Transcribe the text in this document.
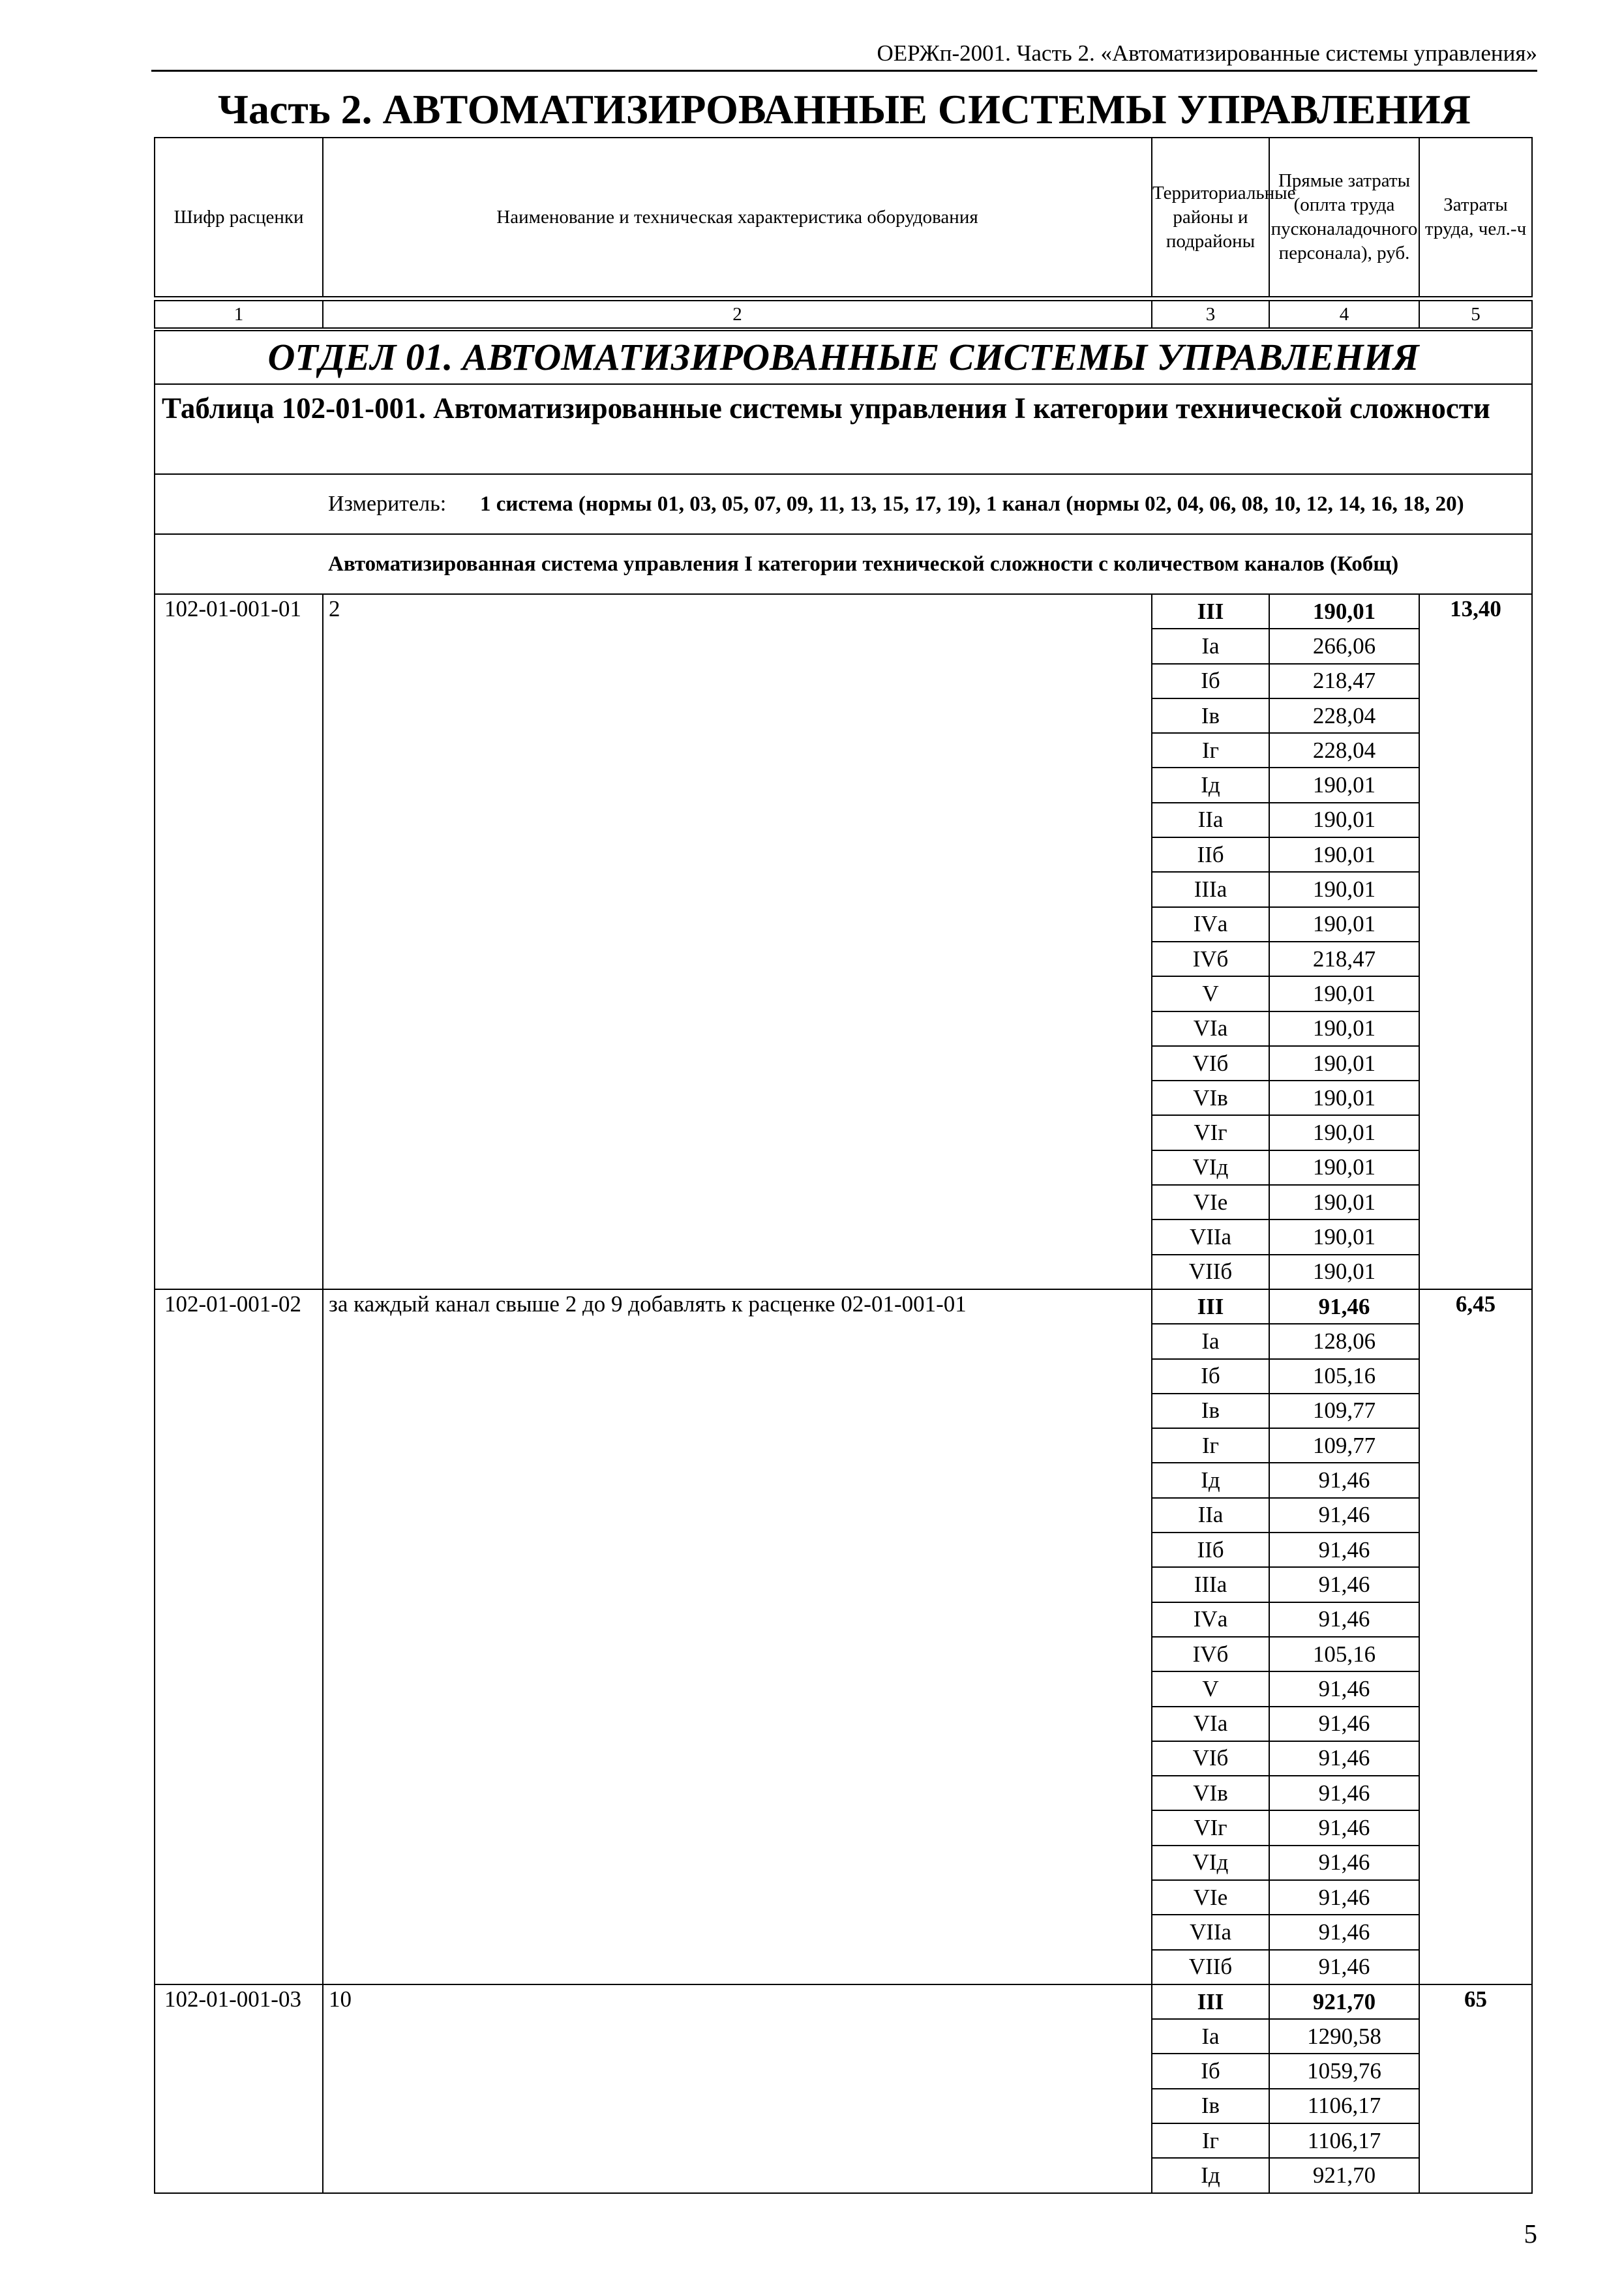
ОЕРЖп-2001. Часть 2. «Автоматизированные системы управления»
Часть 2. АВТОМАТИЗИРОВАННЫЕ СИСТЕМЫ УПРАВЛЕНИЯ
Шифр расценки	Наименование и техническая характеристика оборудования	Территориальные районы и подрайоны	Прямые затраты (оплта труда пусконаладочного персонала), руб.	Затраты труда, чел.-ч
1	2	3	4	5
ОТДЕЛ 01. АВТОМАТИЗИРОВАННЫЕ СИСТЕМЫ УПРАВЛЕНИЯ				
Таблица 102-01-001. Автоматизированные системы управления I категории технической сложности				
	Измеритель:	1 система (нормы 01, 03, 05, 07, 09, 11, 13, 15, 17, 19), 1 канал (нормы 02, 04, 06, 08, 10, 12, 14, 16, 18, 20)		

	Автоматизированная система управления I категории технической сложности с количеством каналов (Кобщ)			
102-01-001-01	2	III	190,01	13,40
		Iа	266,06	
		Iб	218,47	
		Iв	228,04	
		Iг	228,04	
		Iд	190,01	
		IIа	190,01	
		IIб	190,01	
		IIIа	190,01	
		IVа	190,01	
		IVб	218,47	
		V	190,01	
		VIа	190,01	
		VIб	190,01	
		VIв	190,01	
		VIг	190,01	
		VIд	190,01	
		VIе	190,01	
		VIIа	190,01	
		VIIб	190,01	
102-01-001-02	за каждый канал свыше 2 до 9 добавлять к расценке 02-01-001-01	III	91,46	6,45
		Iа	128,06	
		Iб	105,16	
		Iв	109,77	
		Iг	109,77	
		Iд	91,46	
		IIа	91,46	
		IIб	91,46	
		IIIа	91,46	
		IVа	91,46	
		IVб	105,16	
		V	91,46	
		VIа	91,46	
		VIб	91,46	
		VIв	91,46	
		VIг	91,46	
		VIд	91,46	
		VIе	91,46	
		VIIа	91,46	
		VIIб	91,46	
102-01-001-03	10	III	921,70	65
		Iа	1290,58	
		Iб	1059,76	
		Iв	1106,17	
		Iг	1106,17	
		Iд	921,70	
5
